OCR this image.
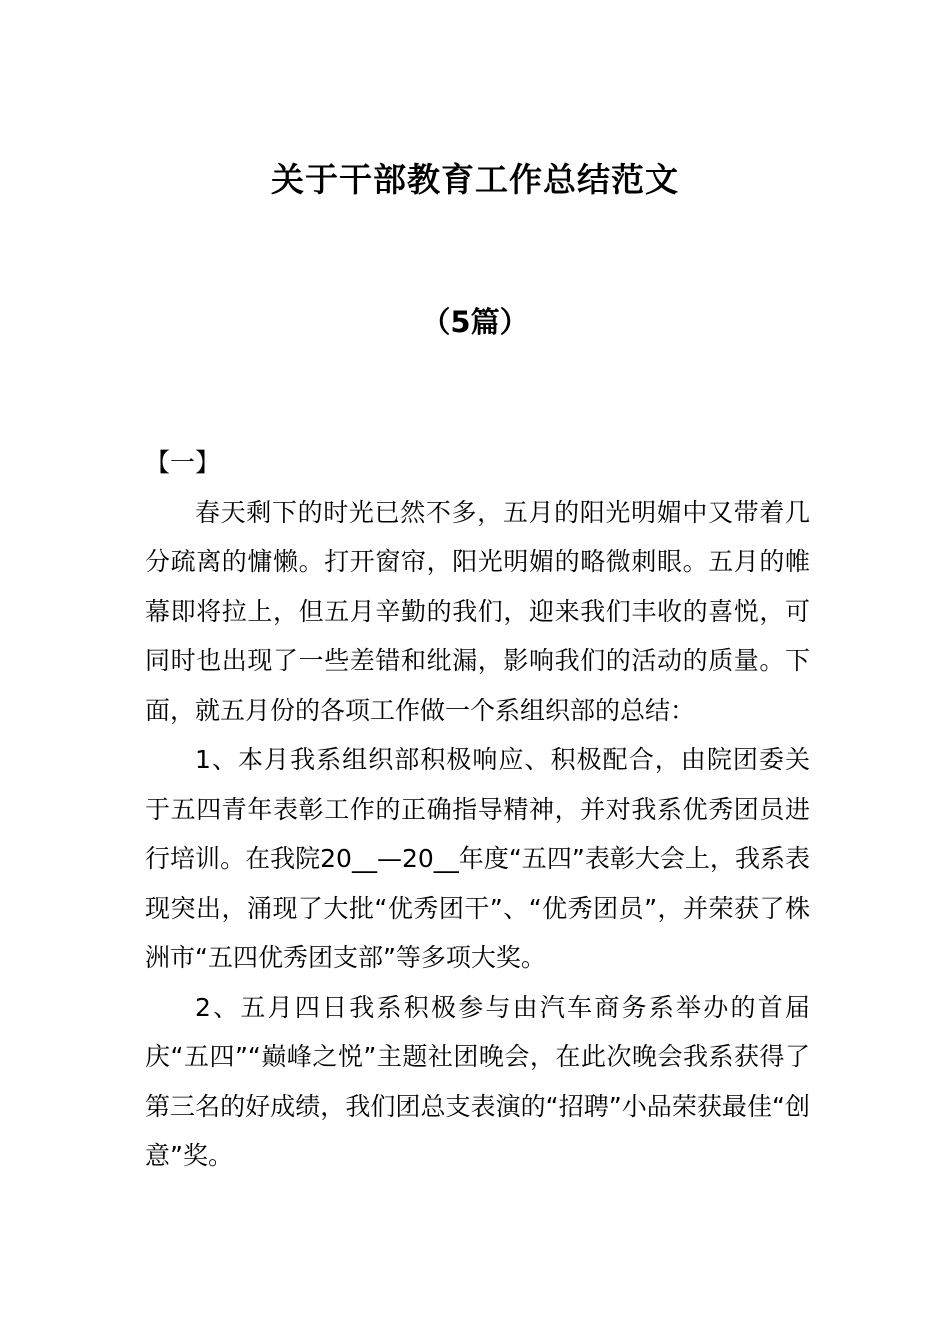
关于干部教育工作总结范文
（5篇）
【一】

春天剩下的时光已然不多，五月的阳光明媚中又带着几分疏离的慵懒。打开窗帘，阳光明媚的略微刺眼。五月的帷幕即将拉上，但五月辛勤的我们，迎来我们丰收的喜悦，可同时也出现了一些差错和纰漏，影响我们的活动的质量。下面，就五月份的各项工作做一个系组织部的总结：

1、本月我系组织部积极响应、积极配合，由院团委关于五四青年表彰工作的正确指导精神，并对我系优秀团员进行培训。在我院20__—20__年度“五四”表彰大会上，我系表现突出，涌现了大批“优秀团干”、“优秀团员”，并荣获了株洲市“五四优秀团支部”等多项大奖。

2、五月四日我系积极参与由汽车商务系举办的首届庆“五四”“巅峰之悦”主题社团晚会，在此次晚会我系获得了第三名的好成绩，我们团总支表演的“招聘”小品荣获最佳“创意”奖。
